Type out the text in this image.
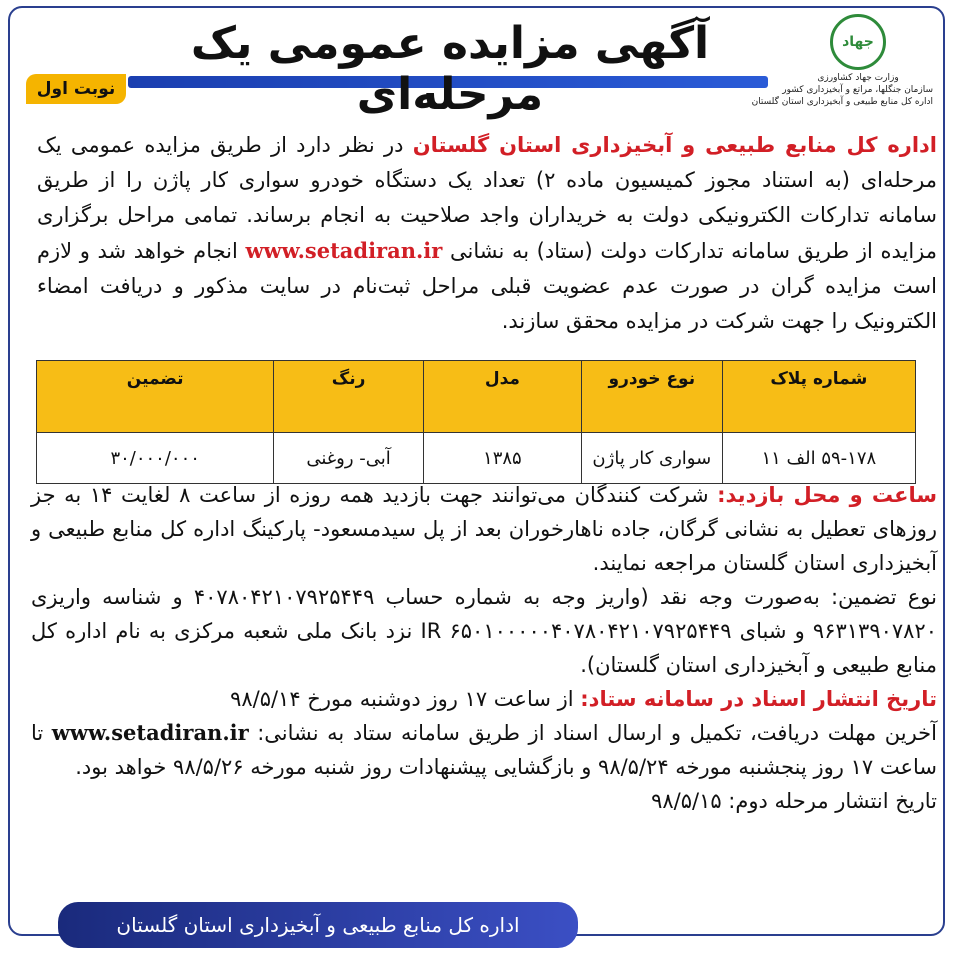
آگهی مزایده عمومی یک مرحله‌ای
نوبت اول
جهاد
وزارت جهاد کشاورزی
سازمان جنگلها، مراتع و آبخیزداری کشور
اداره کل منابع طبیعی و آبخیزداری استان گلستان
اداره کل منابع طبیعی و آبخیزداری استان گلستان در نظر دارد از طریق مزایده عمومی یک مرحله‌ای (به استناد مجوز کمیسیون ماده ۲) تعداد یک دستگاه خودرو سواری کار پاژن را از طریق سامانه تدارکات الکترونیکی دولت به خریداران واجد صلاحیت به انجام برساند. تمامی مراحل برگزاری مزایده از طریق سامانه تدارکات دولت (ستاد) به نشانی www.setadiran.ir انجام خواهد شد و لازم است مزایده گران در صورت عدم عضویت قبلی مراحل ثبت‌نام در سایت مذکور و دریافت امضاء الکترونیک را جهت شرکت در مزایده محقق سازند.
شماره پلاک	نوع خودرو	مدل	رنگ	تضمین
۵۹-۱۷۸ الف ۱۱	سواری کار پاژن	۱۳۸۵	آبی- روغنی	۳۰/۰۰۰/۰۰۰
ساعت و محل بازدید: شرکت کنندگان می‌توانند جهت بازدید همه روزه از ساعت ۸ لغایت ۱۴ به جز روزهای تعطیل به نشانی گرگان، جاده ناهارخوران بعد از پل سیدمسعود- پارکینگ اداره کل منابع طبیعی و آبخیزداری استان گلستان مراجعه نمایند.
نوع تضمین: به‌صورت وجه نقد (واریز وجه به شماره حساب ۴۰۷۸۰۴۲۱۰۷۹۲۵۴۴۹ و شناسه واریزی ۹۶۳۱۳۹۰۷۸۲۰ و شبای IR ۶۵۰۱۰۰۰۰۰۴۰۷۸۰۴۲۱۰۷۹۲۵۴۴۹ نزد بانک ملی شعبه مرکزی به نام اداره کل منابع طبیعی و آبخیزداری استان گلستان).
تاریخ انتشار اسناد در سامانه ستاد: از ساعت ۱۷ روز دوشنبه مورخ ۹۸/۵/۱۴
آخرین مهلت دریافت، تکمیل و ارسال اسناد از طریق سامانه ستاد به نشانی: www.setadiran.ir تا ساعت ۱۷ روز پنجشنبه مورخه ۹۸/۵/۲۴ و بازگشایی پیشنهادات روز شنبه مورخه ۹۸/۵/۲۶ خواهد بود.
تاریخ انتشار مرحله دوم: ۹۸/۵/۱۵
اداره کل منابع طبیعی و آبخیزداری استان گلستان
